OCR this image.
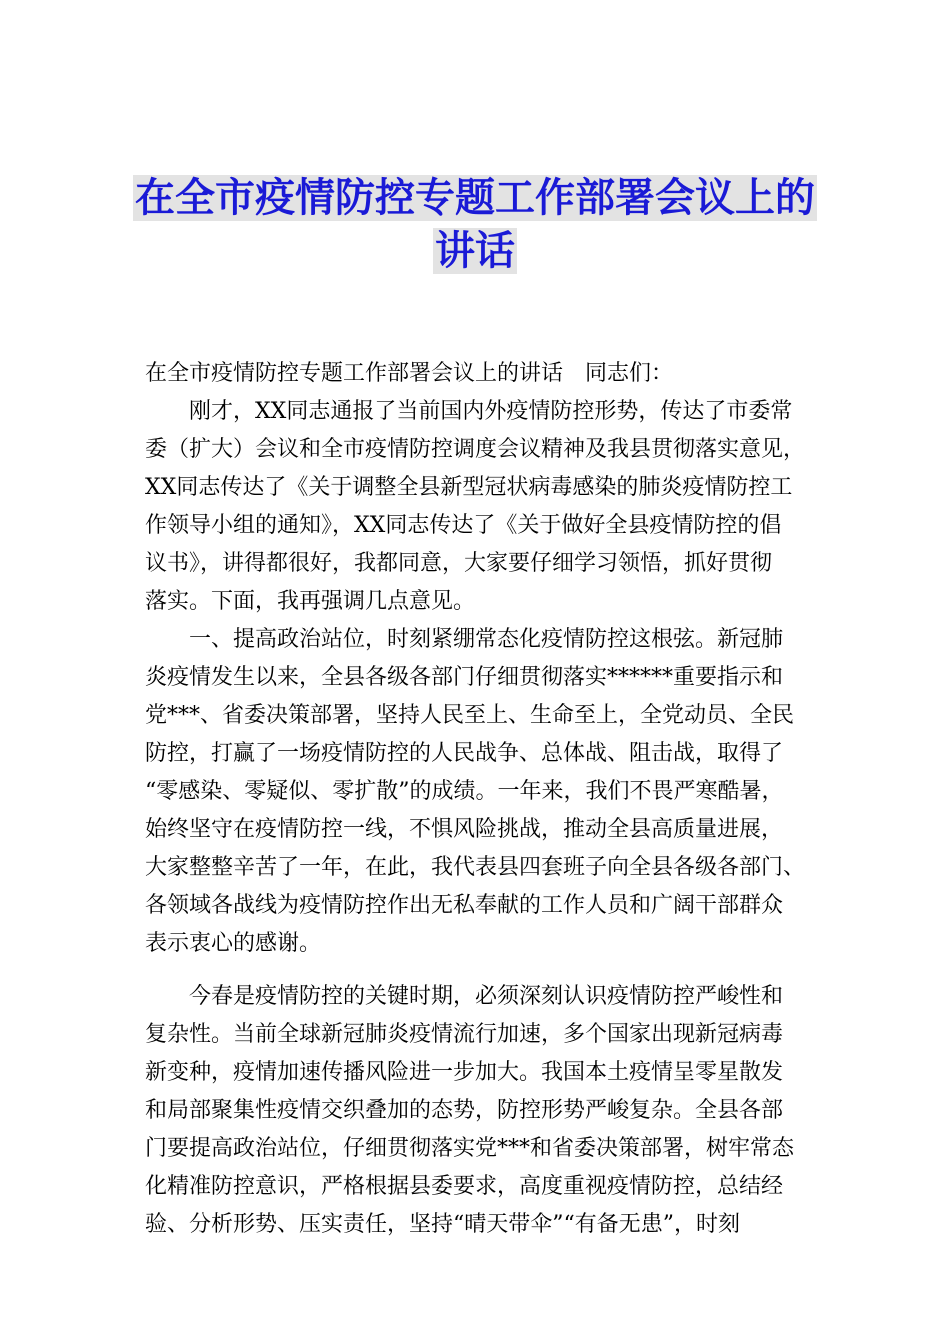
在全市疫情防控专题工作部署会议上的
讲话
在全市疫情防控专题工作部署会议上的讲话　同志们：
刚才，XX同志通报了当前国内外疫情防控形势，传达了市委常
委（扩大）会议和全市疫情防控调度会议精神及我县贯彻落实意见，
XX同志传达了《关于调整全县新型冠状病毒感染的肺炎疫情防控工
作领导小组的通知》，XX同志传达了《关于做好全县疫情防控的倡
议书》，讲得都很好，我都同意，大家要仔细学习领悟，抓好贯彻
落实。下面，我再强调几点意见。
一、提高政治站位，时刻紧绷常态化疫情防控这根弦。新冠肺
炎疫情发生以来，全县各级各部门仔细贯彻落实******重要指示和
党***、省委决策部署，坚持人民至上、生命至上，全党动员、全民
防控，打赢了一场疫情防控的人民战争、总体战、阻击战，取得了
“零感染、零疑似、零扩散”的成绩。一年来，我们不畏严寒酷暑，
始终坚守在疫情防控一线，不惧风险挑战，推动全县高质量进展，
大家整整辛苦了一年，在此，我代表县四套班子向全县各级各部门、
各领域各战线为疫情防控作出无私奉献的工作人员和广阔干部群众
表示衷心的感谢。
今春是疫情防控的关键时期，必须深刻认识疫情防控严峻性和
复杂性。当前全球新冠肺炎疫情流行加速，多个国家出现新冠病毒
新变种，疫情加速传播风险进一步加大。我国本土疫情呈零星散发
和局部聚集性疫情交织叠加的态势，防控形势严峻复杂。全县各部
门要提高政治站位，仔细贯彻落实党***和省委决策部署，树牢常态
化精准防控意识，严格根据县委要求，高度重视疫情防控，总结经
验、分析形势、压实责任，坚持“晴天带伞”“有备无患”，时刻
